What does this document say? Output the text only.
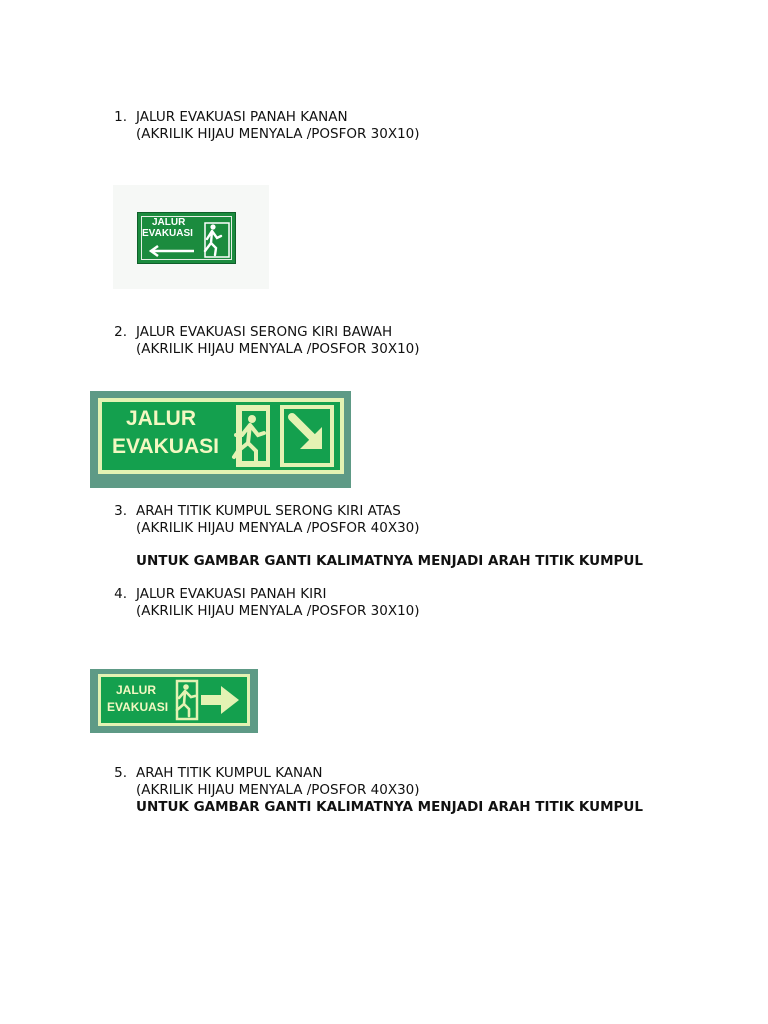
1. JALUR EVAKUASI PANAH KANAN
(AKRILIK HIJAU MENYALA /POSFOR 30X10)
JALUR
EVAKUASI
2. JALUR EVAKUASI SERONG KIRI BAWAH
(AKRILIK HIJAU MENYALA /POSFOR 30X10)
JALUR
EVAKUASI
3. ARAH TITIK KUMPUL SERONG KIRI ATAS
(AKRILIK HIJAU MENYALA /POSFOR 40X30)
UNTUK GAMBAR GANTI KALIMATNYA MENJADI ARAH TITIK KUMPUL
4. JALUR EVAKUASI PANAH KIRI
(AKRILIK HIJAU MENYALA /POSFOR 30X10)
JALUR
EVAKUASI
5. ARAH TITIK KUMPUL KANAN
(AKRILIK HIJAU MENYALA /POSFOR 40X30)
UNTUK GAMBAR GANTI KALIMATNYA MENJADI ARAH TITIK KUMPUL
